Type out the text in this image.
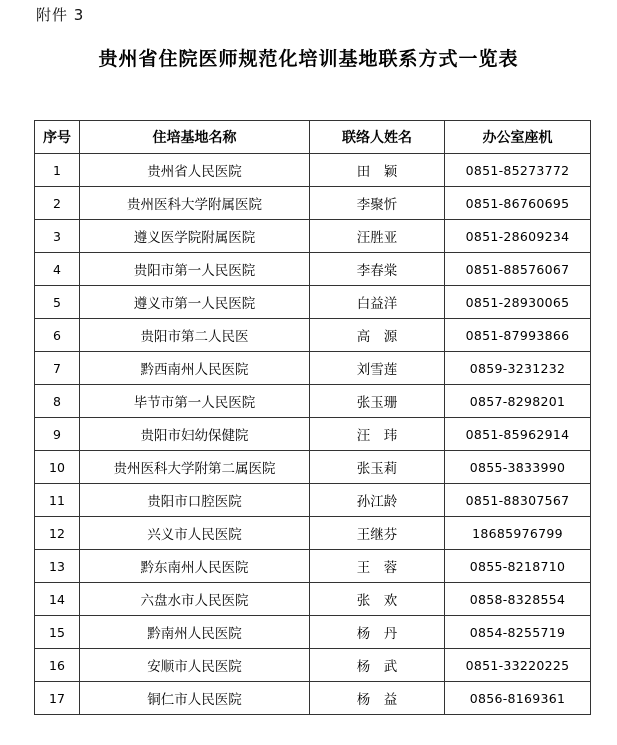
附件 3
贵州省住院医师规范化培训基地联系方式一览表
序号	住培基地名称	联络人姓名	办公室座机
1	贵州省人民医院	田　颖	0851-85273772
2	贵州医科大学附属医院	李聚忻	0851-86760695
3	遵义医学院附属医院	汪胜亚	0851-28609234
4	贵阳市第一人民医院	李春棠	0851-88576067
5	遵义市第一人民医院	白益洋	0851-28930065
6	贵阳市第二人民医	高　源	0851-87993866
7	黔西南州人民医院	刘雪莲	0859-3231232
8	毕节市第一人民医院	张玉珊	0857-8298201
9	贵阳市妇幼保健院	汪　玮	0851-85962914
10	贵州医科大学附第二属医院	张玉莉	0855-3833990
11	贵阳市口腔医院	孙江龄	0851-88307567
12	兴义市人民医院	王继芬	18685976799
13	黔东南州人民医院	王　蓉	0855-8218710
14	六盘水市人民医院	张　欢	0858-8328554
15	黔南州人民医院	杨　丹	0854-8255719
16	安顺市人民医院	杨　武	0851-33220225
17	铜仁市人民医院	杨　益	0856-8169361
